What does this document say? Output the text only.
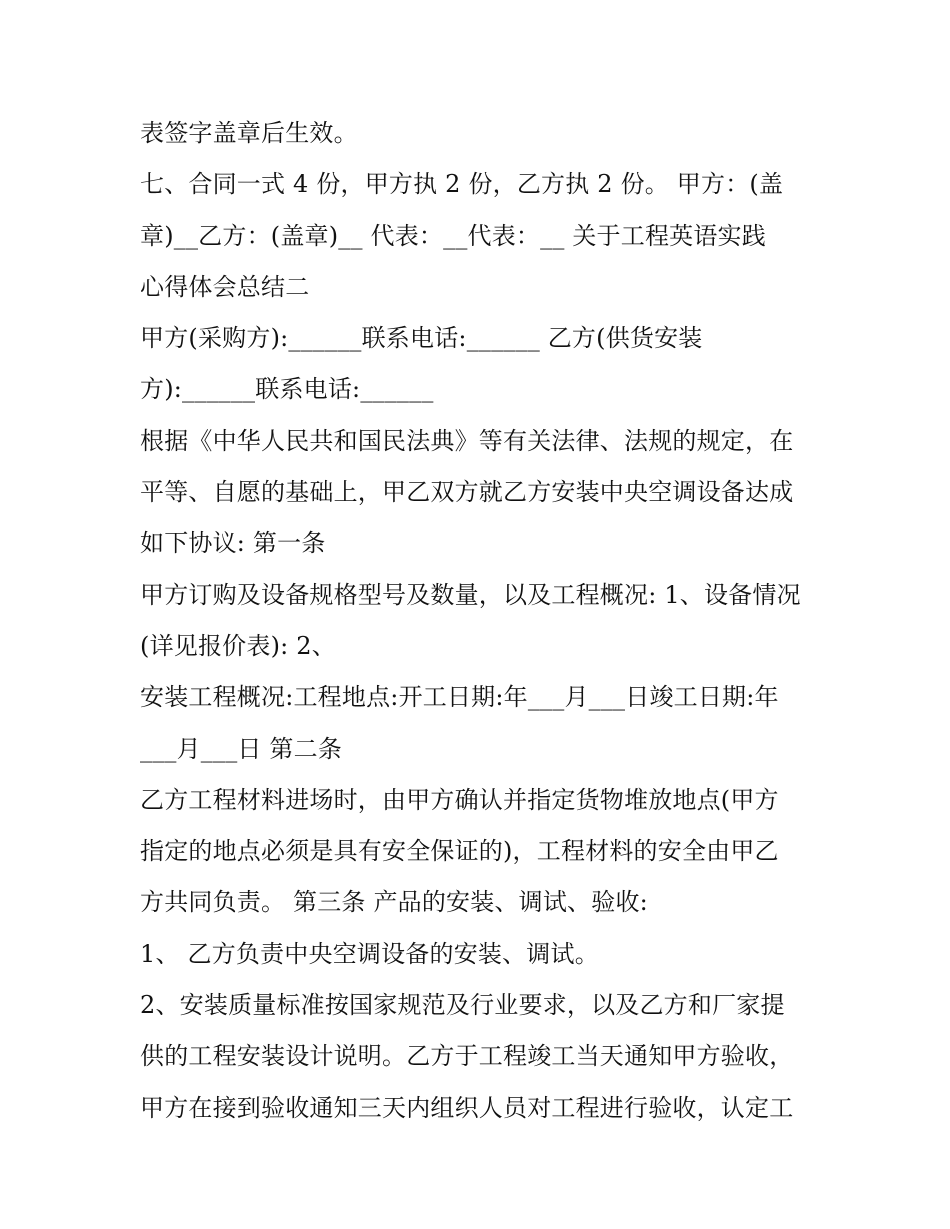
表签字盖章后生效。
七、合同一式 4 份，甲方执 2 份，乙方执 2 份。 甲方：(盖
章)__乙方：(盖章)__ 代表：__代表：__ 关于工程英语实践
心得体会总结二
甲方(采购方):______联系电话:______ 乙方(供货安装
方):______联系电话:______
根据《中华人民共和国民法典》等有关法律、法规的规定，在
平等、自愿的基础上，甲乙双方就乙方安装中央空调设备达成
如下协议: 第一条
甲方订购及设备规格型号及数量，以及工程概况: 1、设备情况
(详见报价表): 2、
安装工程概况:工程地点:开工日期:年___月___日竣工日期:年
___月___日 第二条
乙方工程材料进场时，由甲方确认并指定货物堆放地点(甲方
指定的地点必须是具有安全保证的)，工程材料的安全由甲乙
方共同负责。 第三条 产品的安装、调试、验收:
1、 乙方负责中央空调设备的安装、调试。
2、安装质量标准按国家规范及行业要求，以及乙方和厂家提
供的工程安装设计说明。乙方于工程竣工当天通知甲方验收，
甲方在接到验收通知三天内组织人员对工程进行验收，认定工
